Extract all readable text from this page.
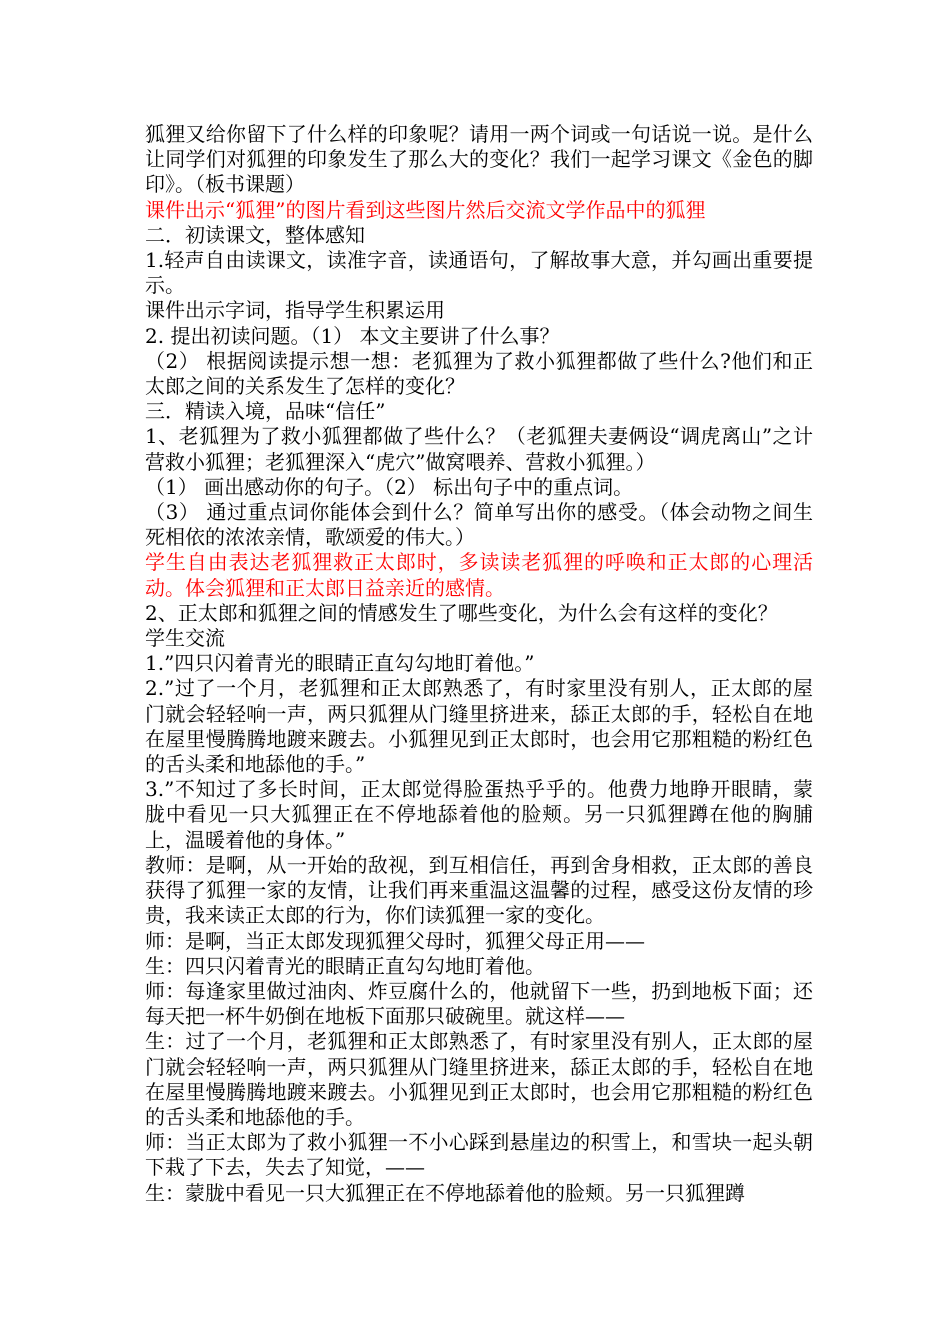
狐狸又给你留下了什么样的印象呢？请用一两个词或一句话说一说。是什么让同学们对狐狸的印象发生了那么大的变化？我们一起学习课文《金色的脚印》。（板书课题）

课件出示“狐狸”的图片看到这些图片然后交流文学作品中的狐狸

二．初读课文，整体感知

1.轻声自由读课文，读准字音，读通语句，了解故事大意，并勾画出重要提示。

课件出示字词，指导学生积累运用

2. 提出初读问题。（1） 本文主要讲了什么事？

（2） 根据阅读提示想一想：老狐狸为了救小狐狸都做了些什么?他们和正太郎之间的关系发生了怎样的变化？

三．精读入境，品味“信任”

1、老狐狸为了救小狐狸都做了些什么？（老狐狸夫妻俩设“调虎离山”之计营救小狐狸；老狐狸深入“虎穴”做窝喂养、营救小狐狸。）

（1） 画出感动你的句子。（2） 标出句子中的重点词。

（3） 通过重点词你能体会到什么？简单写出你的感受。（体会动物之间生死相依的浓浓亲情，歌颂爱的伟大。）

学生自由表达老狐狸救正太郎时，多读读老狐狸的呼唤和正太郎的心理活动。体会狐狸和正太郎日益亲近的感情。

2、正太郎和狐狸之间的情感发生了哪些变化，为什么会有这样的变化？

学生交流

1.”四只闪着青光的眼睛正直勾勾地盯着他。”

2.”过了一个月，老狐狸和正太郎熟悉了，有时家里没有别人，正太郎的屋门就会轻轻响一声，两只狐狸从门缝里挤进来，舔正太郎的手，轻松自在地在屋里慢腾腾地踱来踱去。小狐狸见到正太郎时，也会用它那粗糙的粉红色的舌头柔和地舔他的手。”

3.”不知过了多长时间，正太郎觉得脸蛋热乎乎的。他费力地睁开眼睛，蒙胧中看见一只大狐狸正在不停地舔着他的脸颊。另一只狐狸蹲在他的胸脯上，温暖着他的身体。”

教师：是啊，从一开始的敌视，到互相信任，再到舍身相救，正太郎的善良获得了狐狸一家的友情，让我们再来重温这温馨的过程，感受这份友情的珍贵，我来读正太郎的行为，你们读狐狸一家的变化。

师：是啊，当正太郎发现狐狸父母时，狐狸父母正用——

生：四只闪着青光的眼睛正直勾勾地盯着他。

师：每逢家里做过油肉、炸豆腐什么的，他就留下一些，扔到地板下面；还每天把一杯牛奶倒在地板下面那只破碗里。就这样——

生：过了一个月，老狐狸和正太郎熟悉了，有时家里没有别人，正太郎的屋门就会轻轻响一声，两只狐狸从门缝里挤进来，舔正太郎的手，轻松自在地在屋里慢腾腾地踱来踱去。小狐狸见到正太郎时，也会用它那粗糙的粉红色的舌头柔和地舔他的手。

师：当正太郎为了救小狐狸一不小心踩到悬崖边的积雪上，和雪块一起头朝下栽了下去，失去了知觉，——

生：蒙胧中看见一只大狐狸正在不停地舔着他的脸颊。另一只狐狸蹲
